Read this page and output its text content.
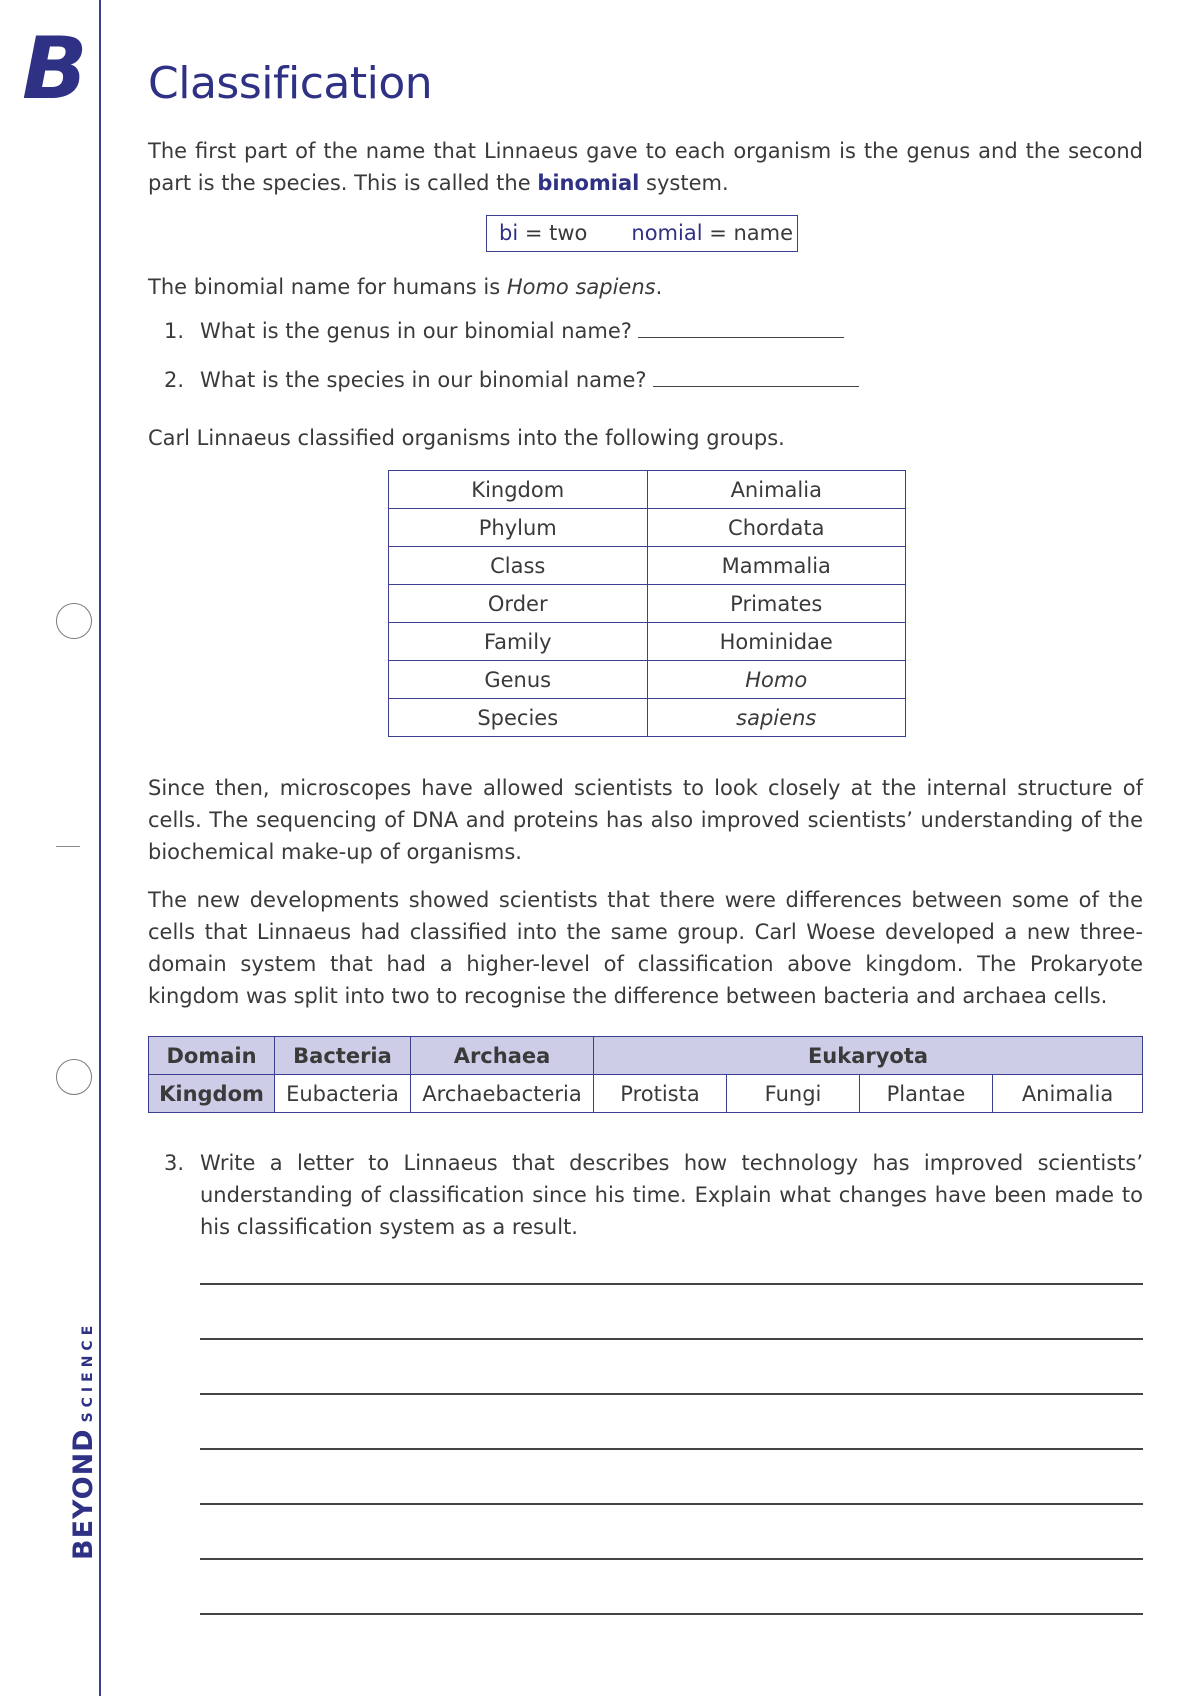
B
BEYONDSCIENCE
Classification

The first part of the name that Linnaeus gave to each organism is the genus and the second part is the species. This is called the binomial system.

bi = two nomial = name

The binomial name for humans is Homo sapiens.

1. What is the genus in our binomial name?
2. What is the species in our binomial name?

Carl Linnaeus classified organisms into the following groups.

Kingdom	Animalia
Phylum	Chordata
Class	Mammalia
Order	Primates
Family	Hominidae
Genus	Homo
Species	sapiens

Since then, microscopes have allowed scientists to look closely at the internal structure of cells. The sequencing of DNA and proteins has also improved scientists’ understanding of the biochemical make-up of organisms.

The new developments showed scientists that there were differences between some of the cells that Linnaeus had classified into the same group. Carl Woese developed a new three-domain system that had a higher-level of classification above kingdom. The Prokaryote kingdom was split into two to recognise the difference between bacteria and archaea cells.

Domain	Bacteria	Archaea	Eukaryota			
Kingdom	Eubacteria	Archaebacteria	Protista	Fungi	Plantae	Animalia
3. Write a letter to Linnaeus that describes how technology has improved scientists’ understanding of classification since his time. Explain what changes have been made to his classification system as a result.
